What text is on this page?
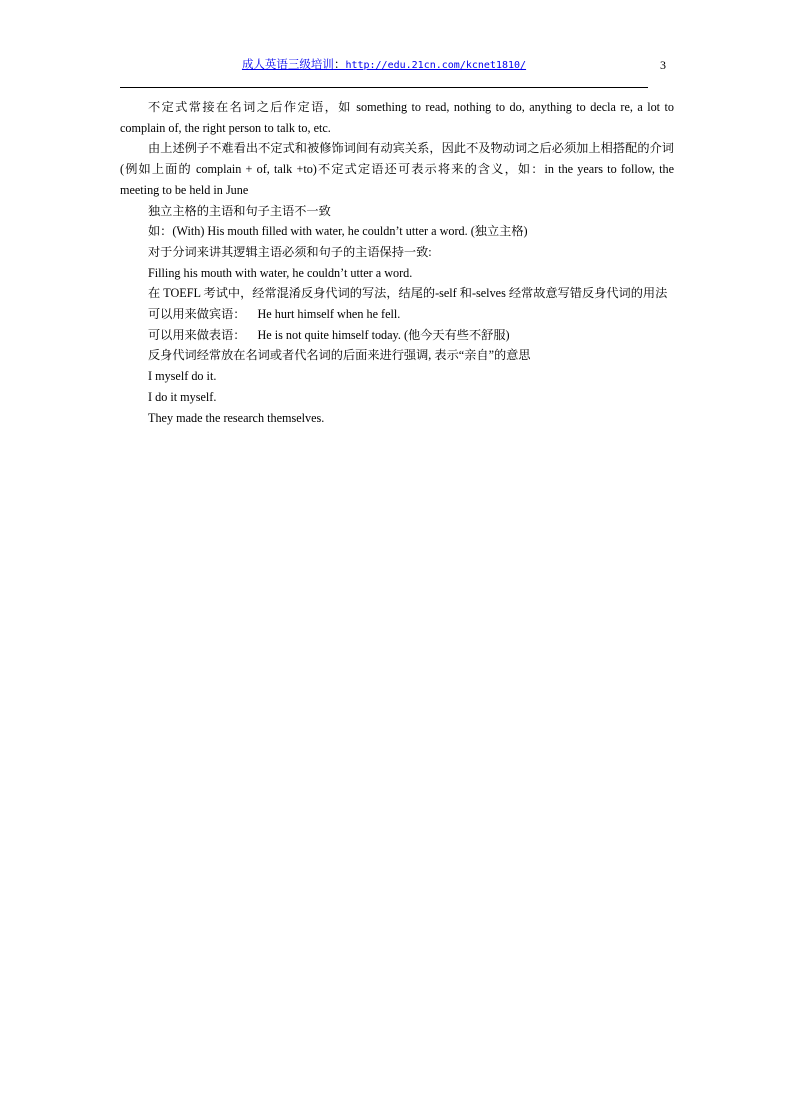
成人英语三级培训：http://edu.21cn.com/kcnet1810/	3

不定式常接在名词之后作定语，如 something to read, nothing to do, anything to decla re, a lot to complain of, the right person to talk to, etc.

由上述例子不难看出不定式和被修饰词间有动宾关系，因此不及物动词之后必须加上相搭配的介词(例如上面的 complain + of, talk +to)不定式定语还可表示将来的含义，如：in the years to follow, the meeting to be held in June

独立主格的主语和句子主语不一致

如：(With) His mouth filled with water, he couldn’t utter a word. (独立主格)

对于分词来讲其逻辑主语必须和句子的主语保持一致:

Filling his mouth with water, he couldn’t utter a word.

在 TOEFL 考试中，经常混淆反身代词的写法，结尾的-self 和-selves 经常故意写错反身代词的用法

可以用来做宾语： He hurt himself when he fell.

可以用来做表语： He is not quite himself today. (他今天有些不舒服)

反身代词经常放在名词或者代名词的后面来进行强调, 表示“亲自”的意思

I myself do it.

I do it myself.

They made the research themselves.
